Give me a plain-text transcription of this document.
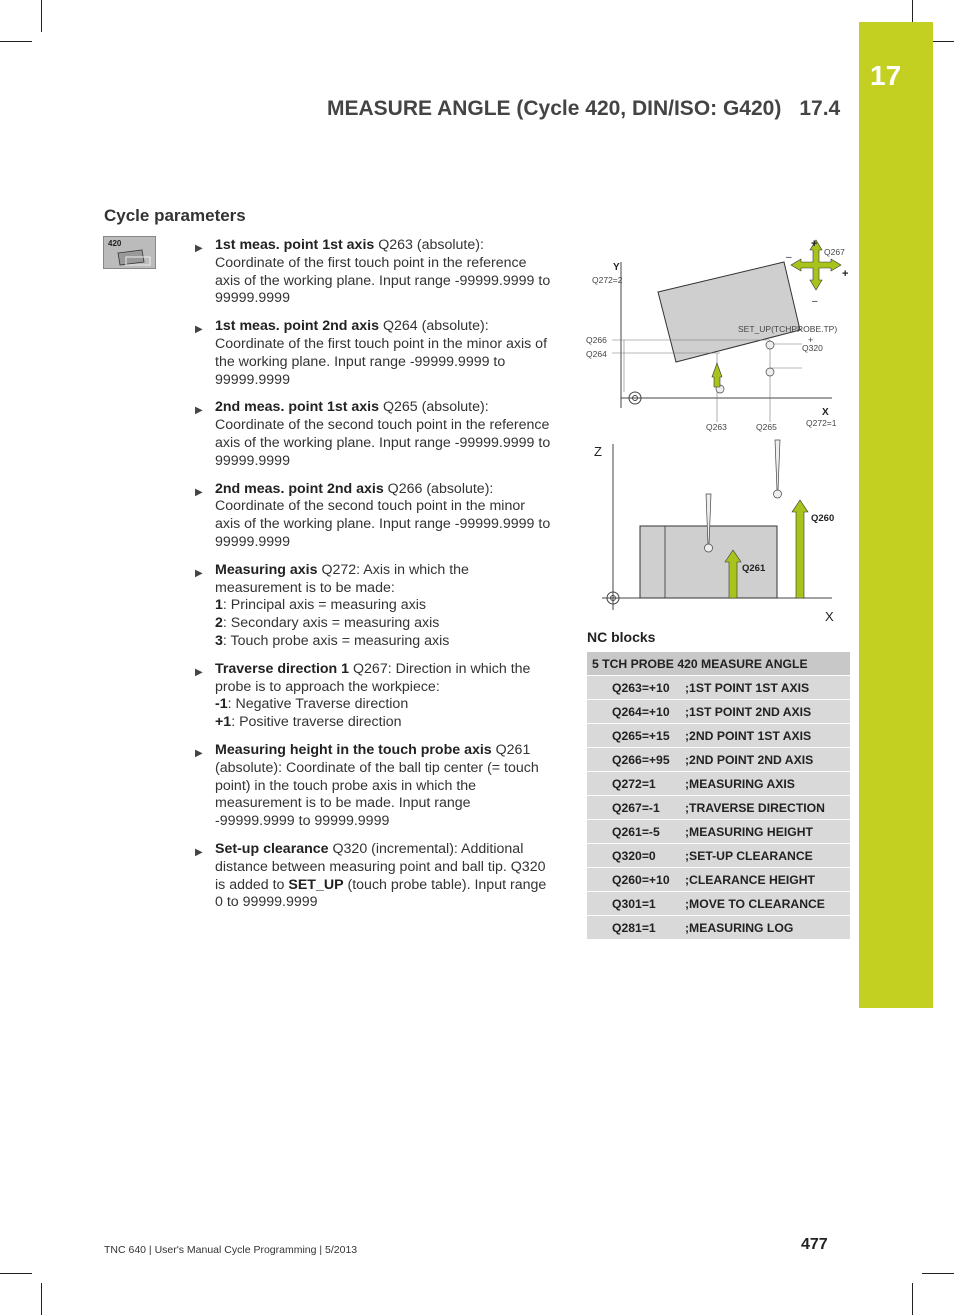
17
MEASURE ANGLE (Cycle 420, DIN/ISO: G420) 17.4
Cycle parameters
420	▶ 1st meas. point 1st axis Q263 (absolute): Coordinate of the first touch point in the reference axis of the working plane. Input range -99999.9999 to 99999.9999
▶ 1st meas. point 2nd axis Q264 (absolute): Coordinate of the first touch point in the minor axis of the working plane. Input range -99999.9999 to 99999.9999
▶ 2nd meas. point 1st axis Q265 (absolute): Coordinate of the second touch point in the reference axis of the working plane. Input range -99999.9999 to 99999.9999
▶ 2nd meas. point 2nd axis Q266 (absolute): Coordinate of the second touch point in the minor axis of the working plane. Input range -99999.9999 to 99999.9999
▶ Measuring axis Q272: Axis in which the measurement is to be made:
1: Principal axis = measuring axis
2: Secondary axis = measuring axis
3: Touch probe axis = measuring axis
▶ Traverse direction 1 Q267: Direction in which the probe is to approach the workpiece:
-1: Negative Traverse direction
+1: Positive traverse direction
▶ Measuring height in the touch probe axis Q261 (absolute): Coordinate of the ball tip center (= touch point) in the touch probe axis in which the measurement is to be made. Input range -99999.9999 to 99999.9999
▶ Set-up clearance Q320 (incremental): Additional distance between measuring point and ball tip. Q320 is added to SET_UP (touch probe table). Input range 0 to 99999.9999
Y
Q272=2
X
Q272=1
Q267
+
+
–
–
SET_UP(TCHPROBE.TP)
+
Q320
Q266
Q264
Q263	Q265
Z
X
Q260
Q261
NC blocks
5 TCH PROBE 420 MEASURE ANGLE	
Q263=+10	;1ST POINT 1ST AXIS
Q264=+10	;1ST POINT 2ND AXIS
Q265=+15	;2ND POINT 1ST AXIS
Q266=+95	;2ND POINT 2ND AXIS
Q272=1	;MEASURING AXIS
Q267=-1	;TRAVERSE DIRECTION
Q261=-5	;MEASURING HEIGHT
Q320=0	;SET-UP CLEARANCE
Q260=+10	;CLEARANCE HEIGHT
Q301=1	;MOVE TO CLEARANCE
Q281=1	;MEASURING LOG
TNC 640 | User's Manual Cycle Programming | 5/2013	477
